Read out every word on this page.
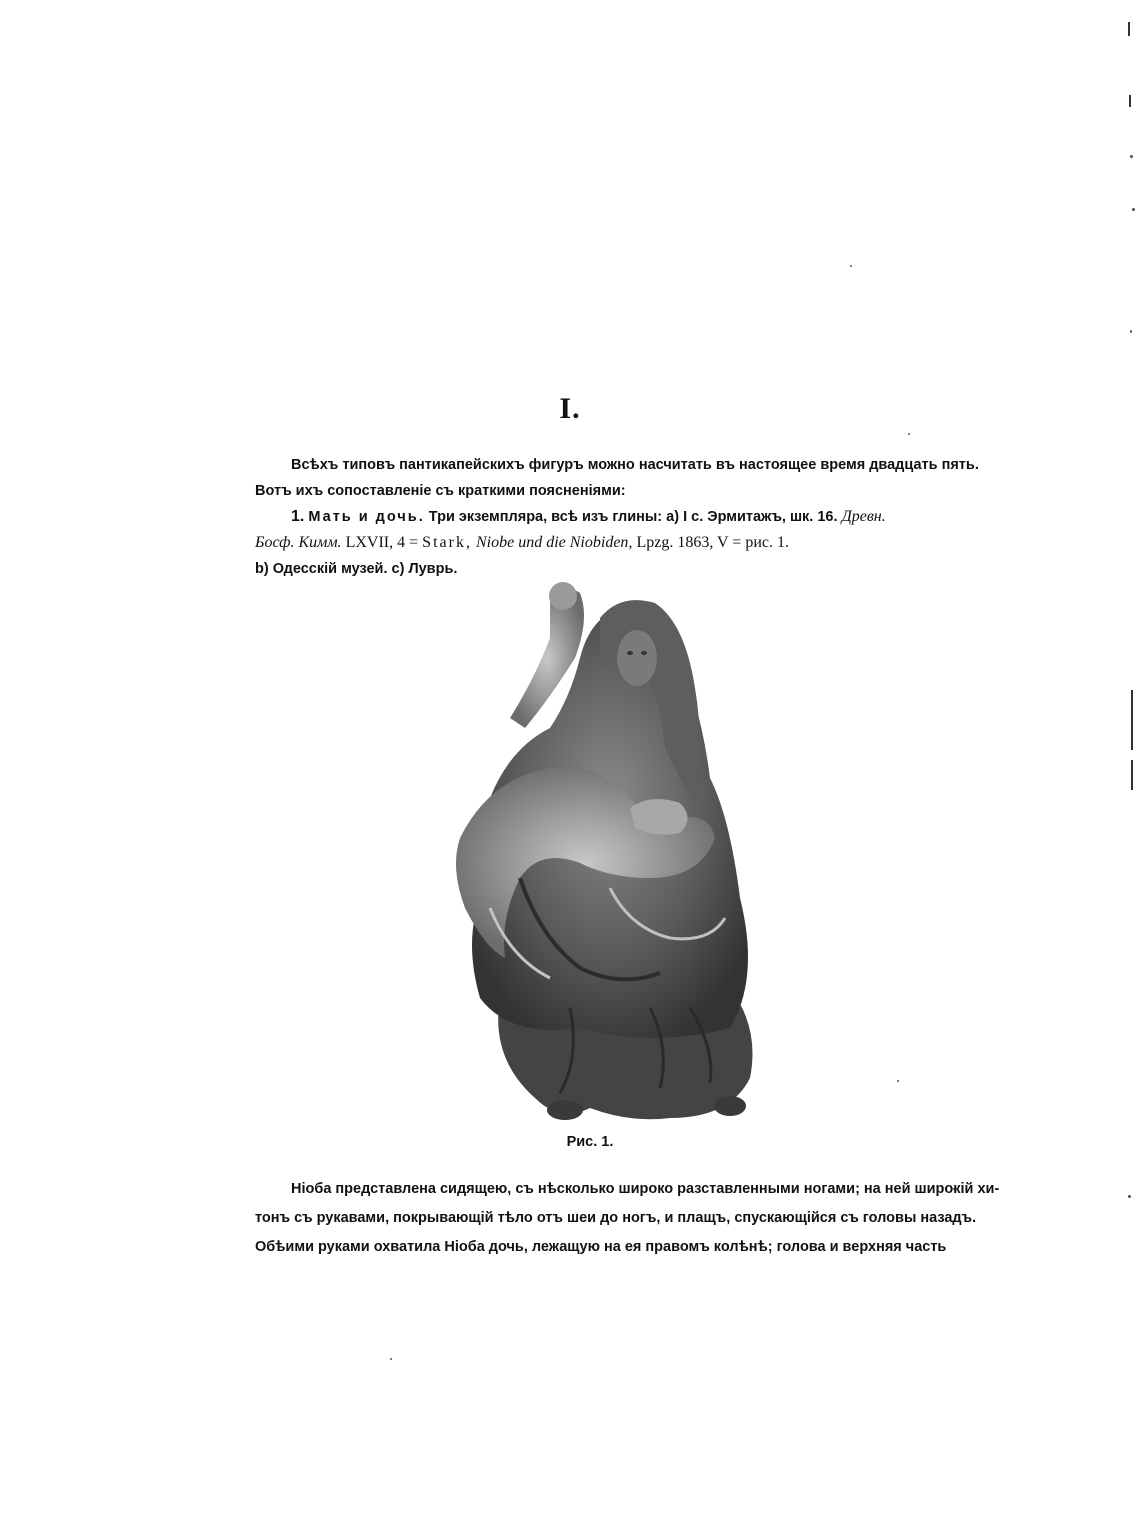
I.

Всѣхъ типовъ пантикапейскихъ фигуръ можно насчитать въ настоящее время двадцать пять.
Вотъ ихъ сопоставленіе съ краткими поясненіями:

1. Мать и дочь. Три экземпляра, всѣ изъ глины: а) I с. Эрмитажъ, шк. 16. Древн.
Босф. Кимм. LXVII, 4 = Stark, Niobe und die Niobiden, Lpzg. 1863, V = рис. 1.
b) Одесскій музей. с) Луврь.

Рис. 1.

Ніоба представлена сидящею, съ нѣсколько широко разставленными ногами; на ней широкій хи-
тонъ съ рукавами, покрывающій тѣло отъ шеи до ногъ, и плащъ, спускающійся съ головы назадъ.
Обѣими руками охватила Ніоба дочь, лежащую на ея правомъ колѣнѣ; голова и верхняя часть
